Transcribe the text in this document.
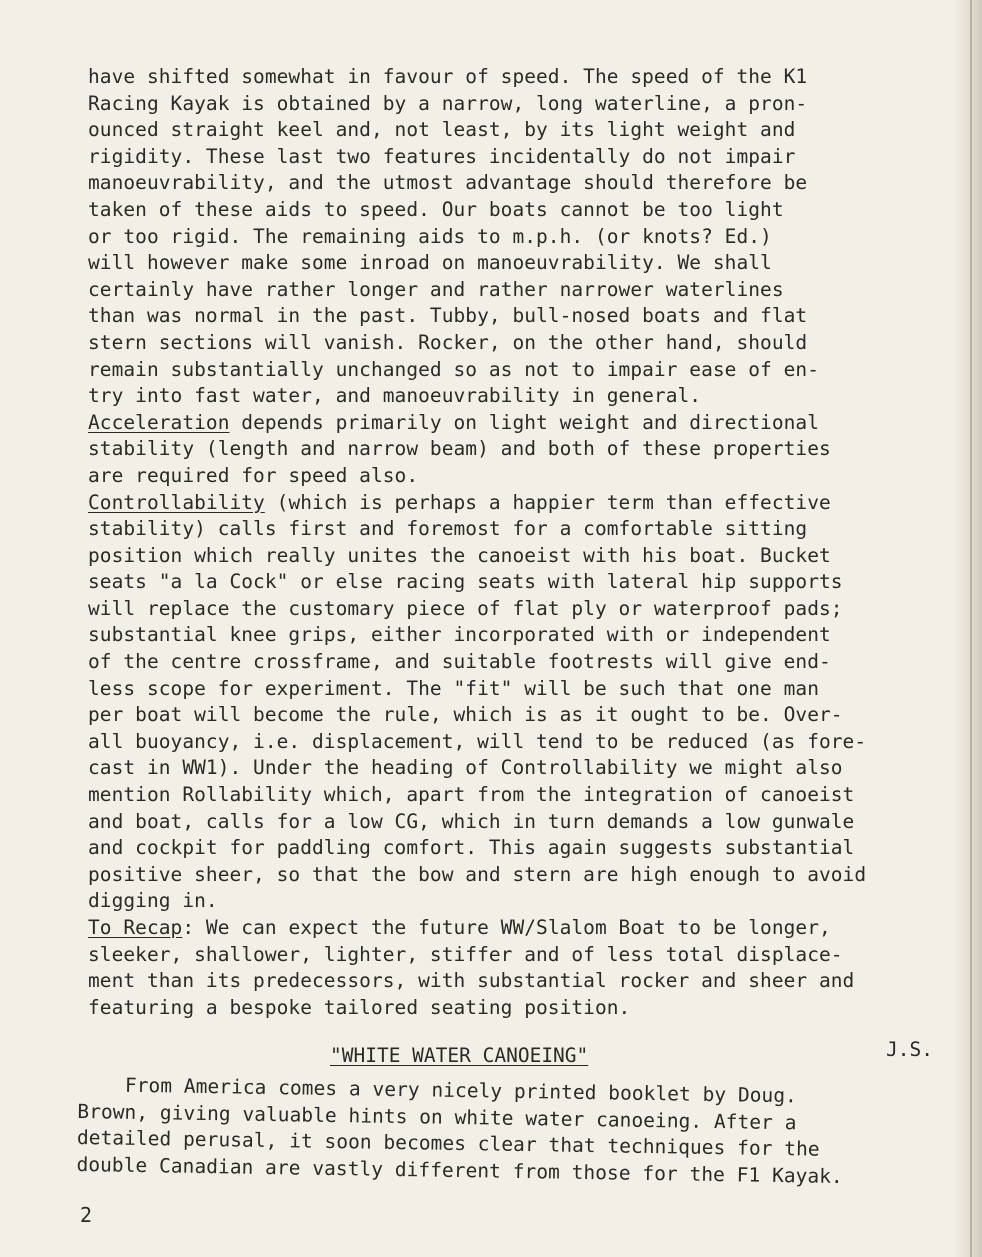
have shifted somewhat in favour of speed. The speed of the K1
Racing Kayak is obtained by a narrow, long waterline, a pron-
ounced straight keel and, not least, by its light weight and
rigidity. These last two features incidentally do not impair
manoeuvrability, and the utmost advantage should therefore be
taken of these aids to speed. Our boats cannot be too light
or too rigid. The remaining aids to m.p.h. (or knots? Ed.)
will however make some inroad on manoeuvrability. We shall
certainly have rather longer and rather narrower waterlines
than was normal in the past. Tubby, bull-nosed boats and flat
stern sections will vanish. Rocker, on the other hand, should
remain substantially unchanged so as not to impair ease of en-
try into fast water, and manoeuvrability in general.
Acceleration depends primarily on light weight and directional
stability (length and narrow beam) and both of these properties
are required for speed also.
Controllability (which is perhaps a happier term than effective
stability) calls first and foremost for a comfortable sitting
position which really unites the canoeist with his boat. Bucket
seats "a la Cock" or else racing seats with lateral hip supports
will replace the customary piece of flat ply or waterproof pads;
substantial knee grips, either incorporated with or independent
of the centre crossframe, and suitable footrests will give end-
less scope for experiment. The "fit" will be such that one man
per boat will become the rule, which is as it ought to be. Over-
all buoyancy, i.e. displacement, will tend to be reduced (as fore-
cast in WW1). Under the heading of Controllability we might also
mention Rollability which, apart from the integration of canoeist
and boat, calls for a low CG, which in turn demands a low gunwale
and cockpit for paddling comfort. This again suggests substantial
positive sheer, so that the bow and stern are high enough to avoid
digging in.
To Recap: We can expect the future WW/Slalom Boat to be longer,
sleeker, shallower, lighter, stiffer and of less total displace-
ment than its predecessors, with substantial rocker and sheer and
featuring a bespoke tailored seating position.
J.S.
"WHITE WATER CANOEING"
From America comes a very nicely printed booklet by Doug.
Brown, giving valuable hints on white water canoeing. After a
detailed perusal, it soon becomes clear that techniques for the
double Canadian are vastly different from those for the F1 Kayak.
2
